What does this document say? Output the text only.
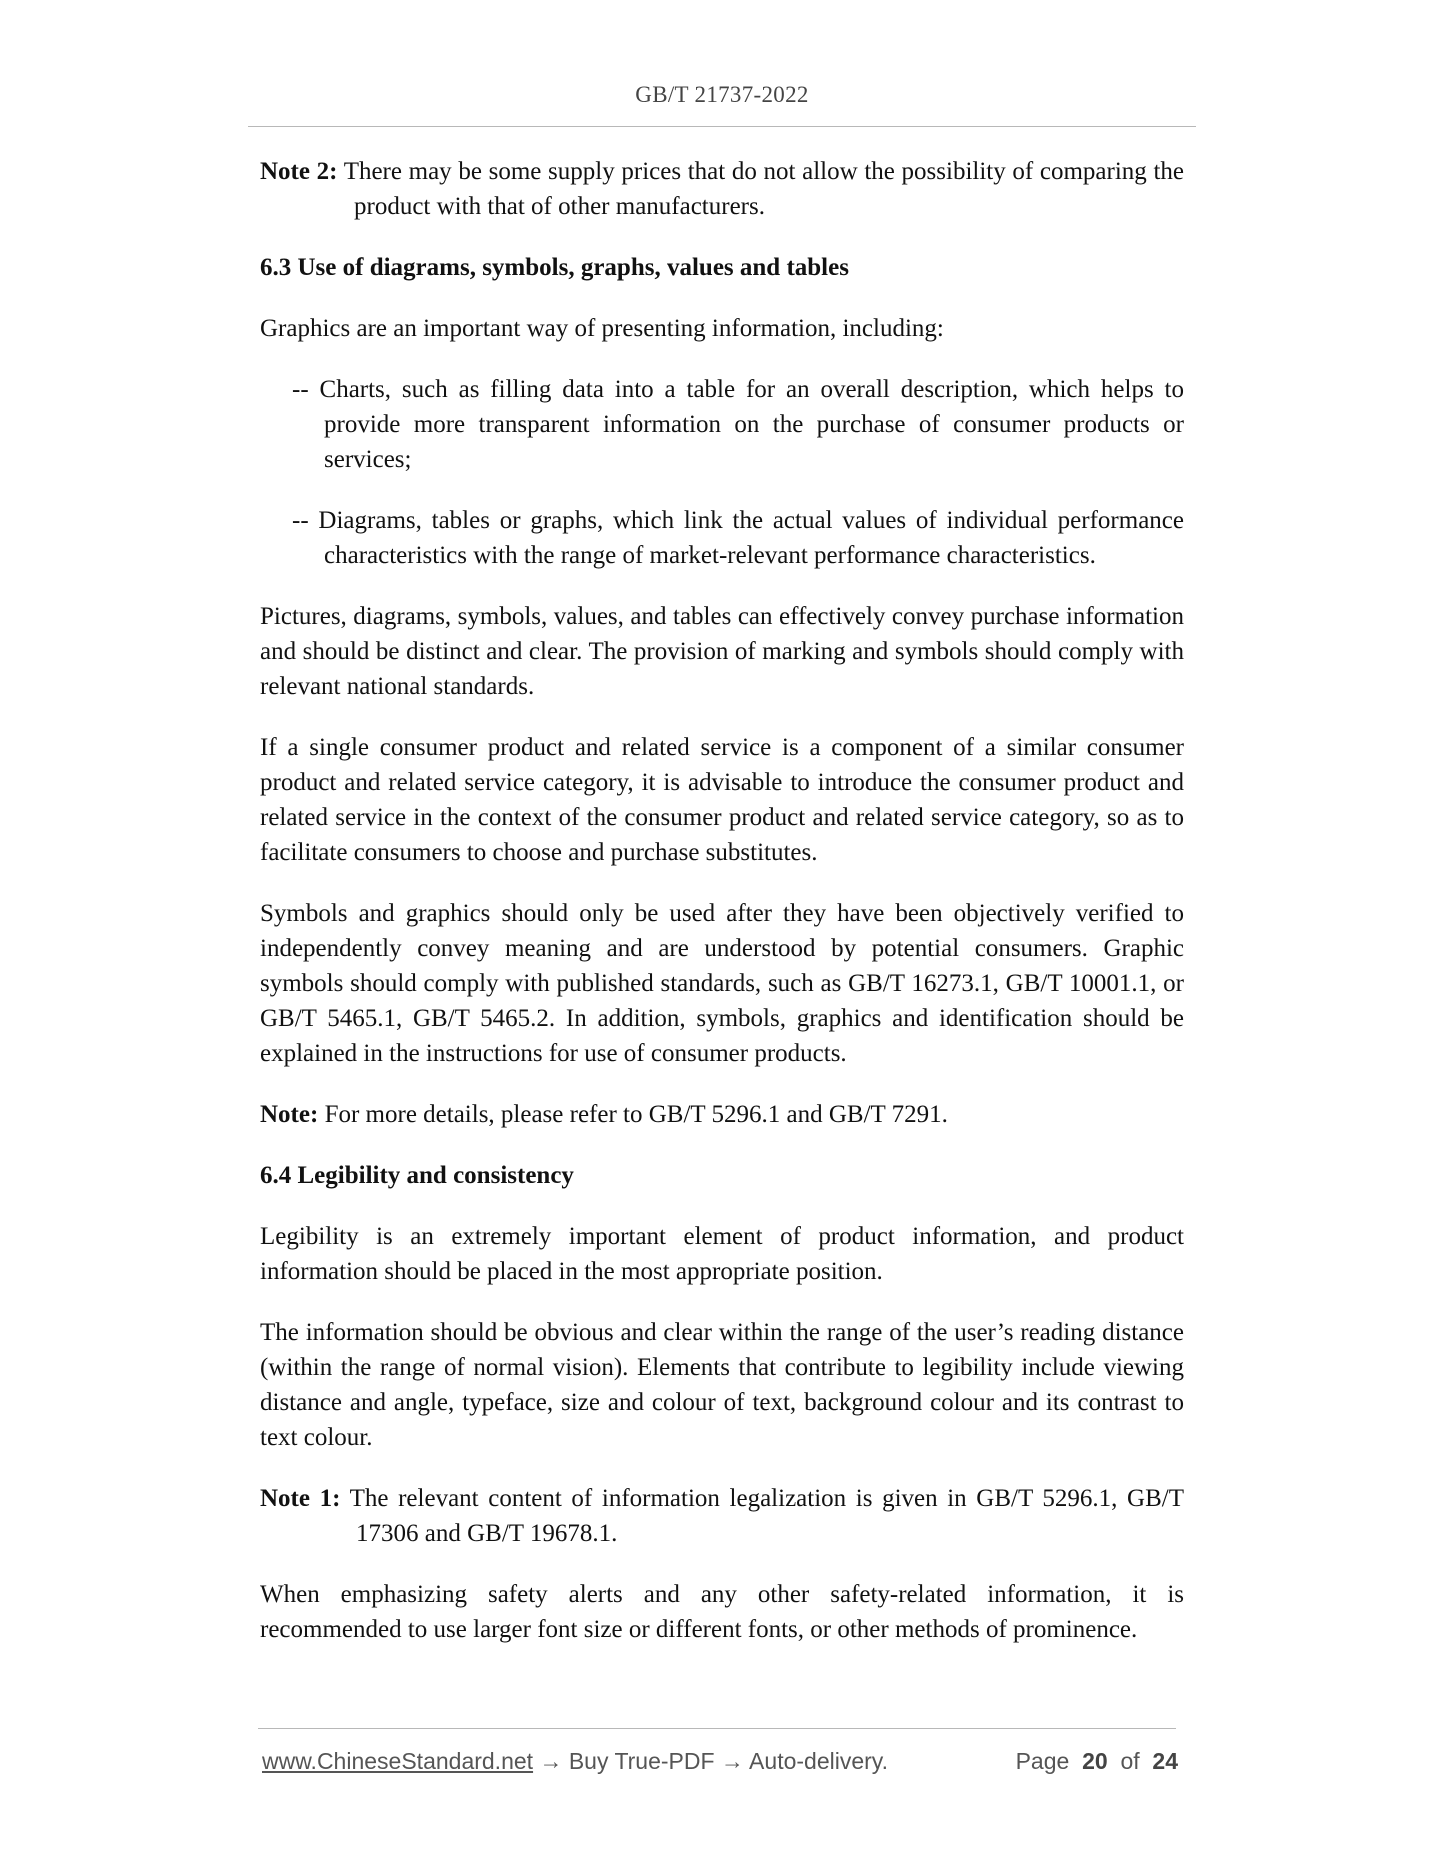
GB/T 21737-2022

Note 2: There may be some supply prices that do not allow the possibility of comparing the product with that of other manufacturers.

6.3 Use of diagrams, symbols, graphs, values and tables

Graphics are an important way of presenting information, including:

-- Charts, such as filling data into a table for an overall description, which helps to provide more transparent information on the purchase of consumer products or services;

-- Diagrams, tables or graphs, which link the actual values of individual performance characteristics with the range of market-relevant performance characteristics.

Pictures, diagrams, symbols, values, and tables can effectively convey purchase information and should be distinct and clear. The provision of marking and symbols should comply with relevant national standards.

If a single consumer product and related service is a component of a similar consumer product and related service category, it is advisable to introduce the consumer product and related service in the context of the consumer product and related service category, so as to facilitate consumers to choose and purchase substitutes.

Symbols and graphics should only be used after they have been objectively verified to independently convey meaning and are understood by potential consumers. Graphic symbols should comply with published standards, such as GB/T 16273.1, GB/T 10001.1, or GB/T 5465.1, GB/T 5465.2. In addition, symbols, graphics and identification should be explained in the instructions for use of consumer products.

Note: For more details, please refer to GB/T 5296.1 and GB/T 7291.

6.4 Legibility and consistency

Legibility is an extremely important element of product information, and product information should be placed in the most appropriate position.

The information should be obvious and clear within the range of the user’s reading distance (within the range of normal vision). Elements that contribute to legibility include viewing distance and angle, typeface, size and colour of text, background colour and its contrast to text colour.

Note 1: The relevant content of information legalization is given in GB/T 5296.1, GB/T 17306 and GB/T 19678.1.

When emphasizing safety alerts and any other safety-related information, it is recommended to use larger font size or different fonts, or other methods of prominence.

www.ChineseStandard.net → Buy True-PDF → Auto-delivery.	Page 20 of 24
